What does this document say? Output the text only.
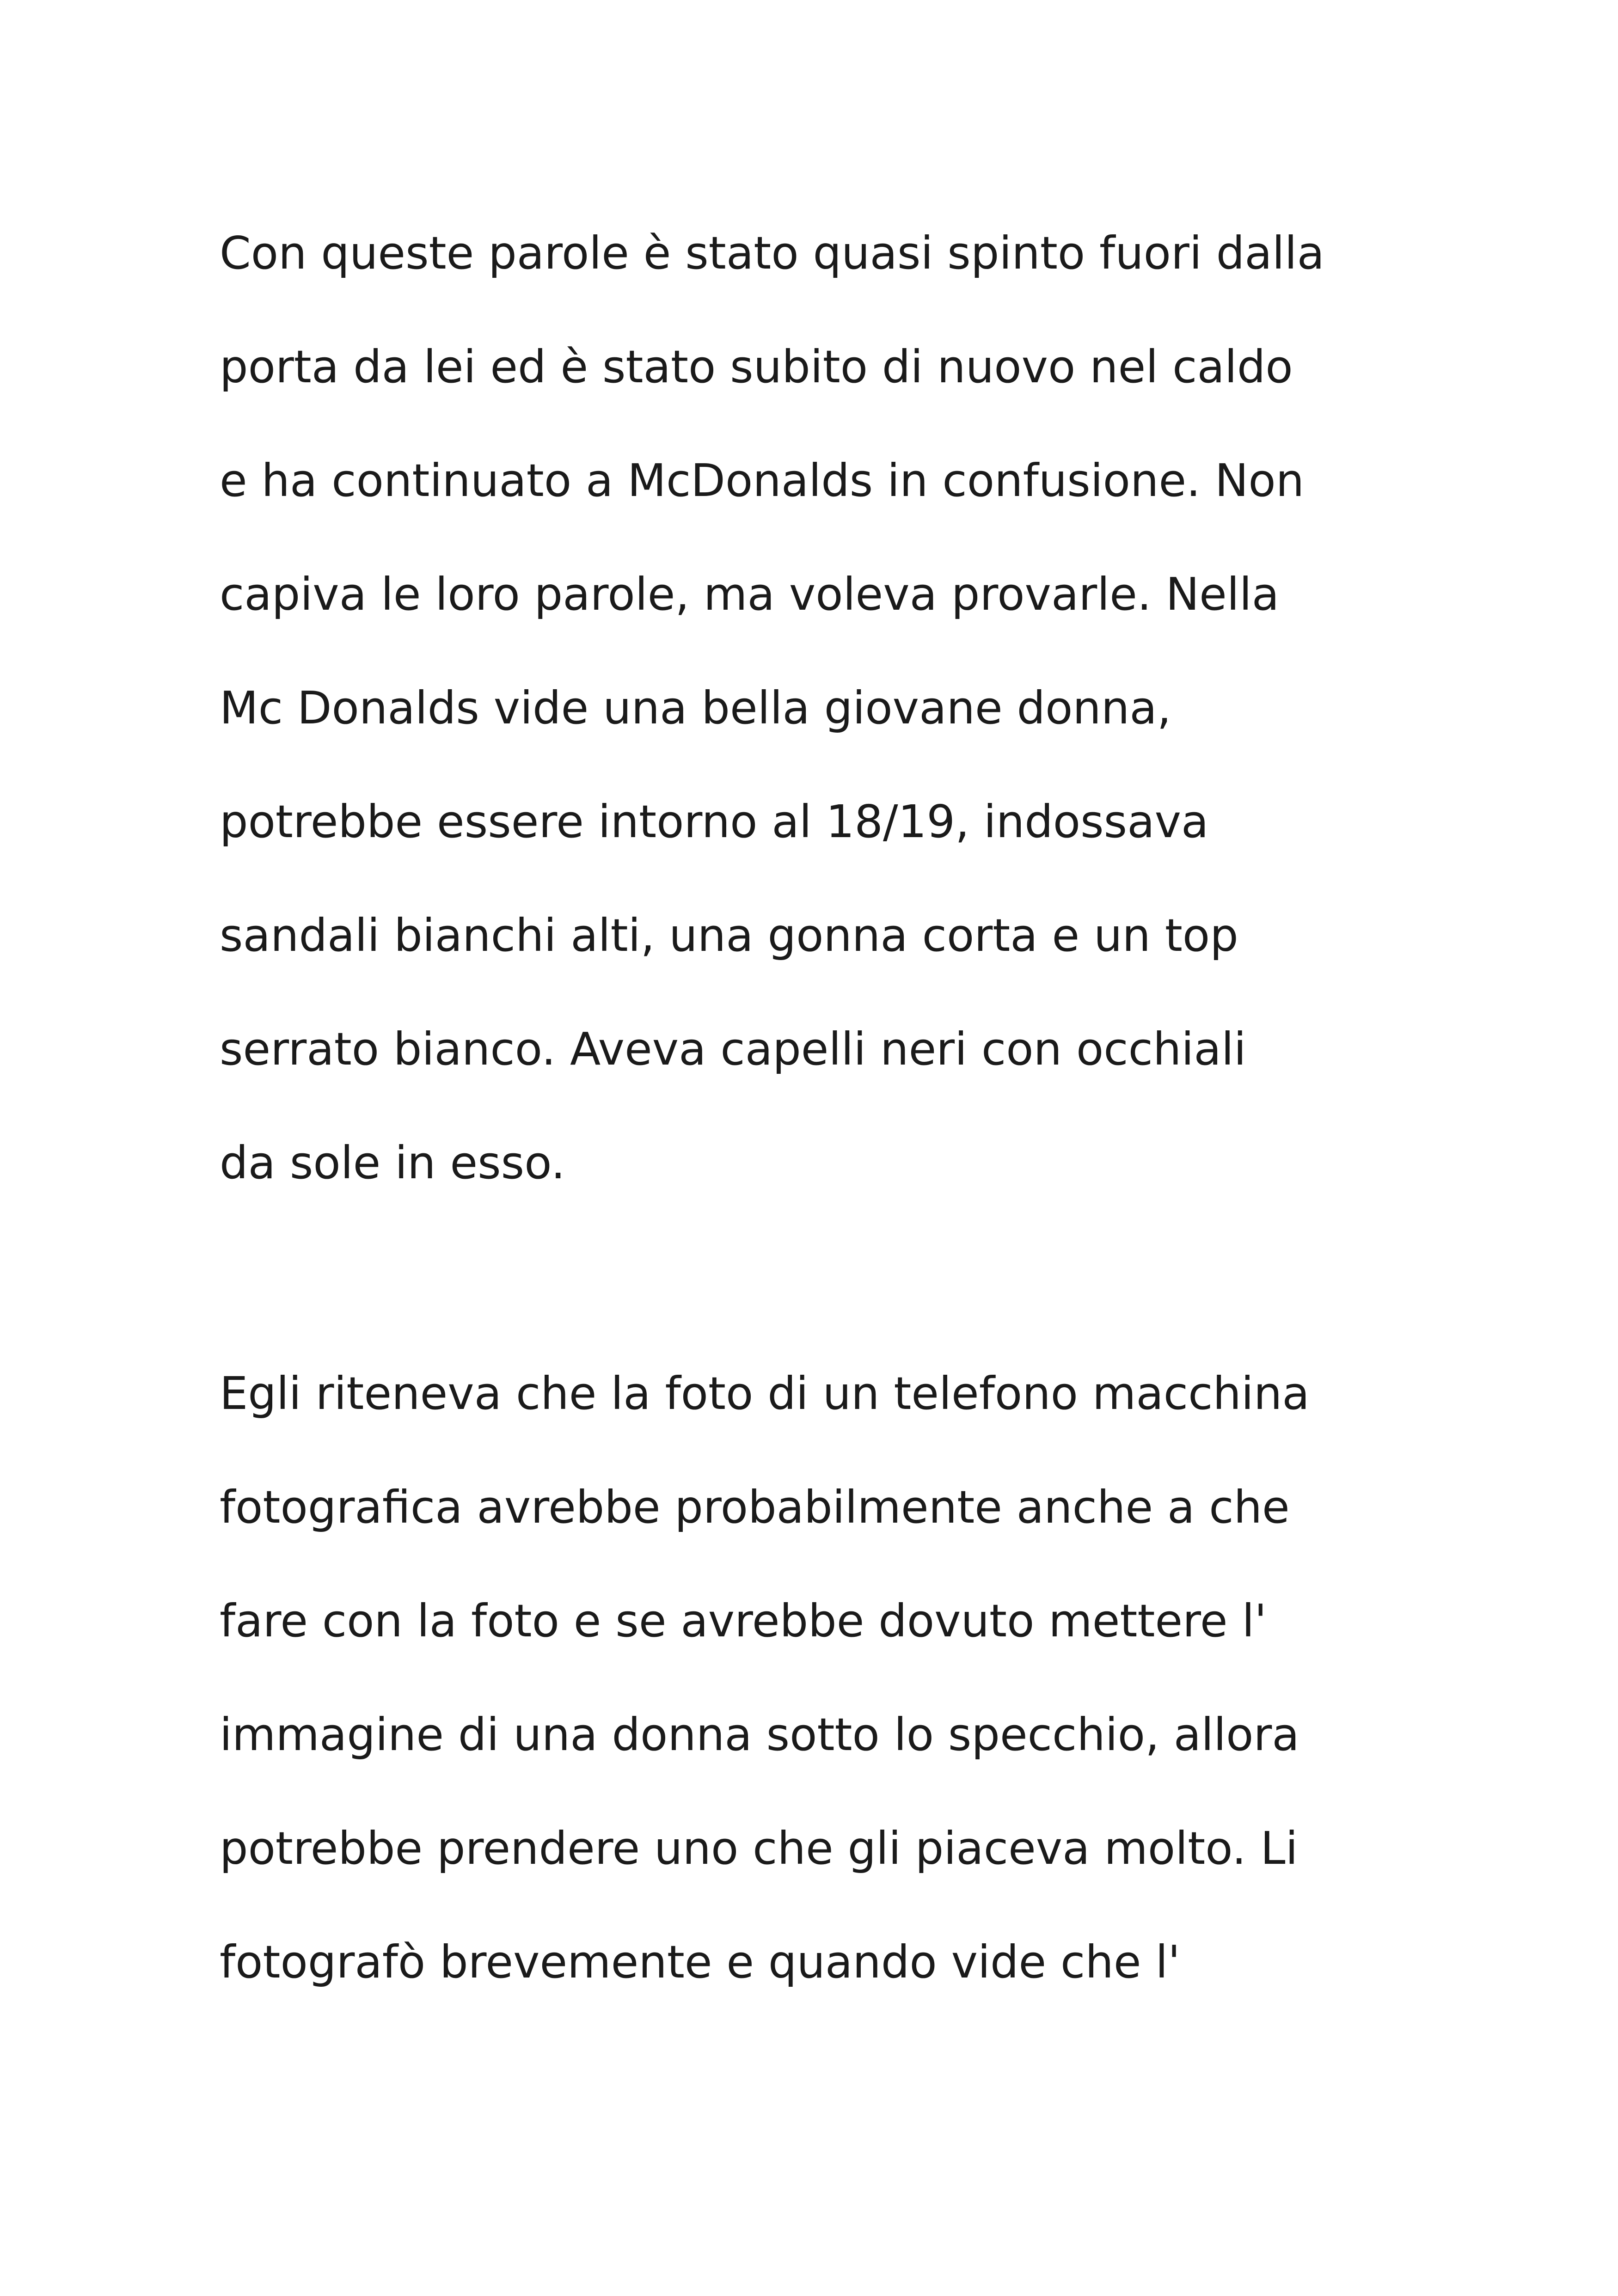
Con queste parole è stato quasi spinto fuori dalla
porta da lei ed è stato subito di nuovo nel caldo
e ha continuato a McDonalds in confusione. Non
capiva le loro parole, ma voleva provarle. Nella
Mc Donalds vide una bella giovane donna,
potrebbe essere intorno al 18/19, indossava
sandali bianchi alti, una gonna corta e un top
serrato bianco. Aveva capelli neri con occhiali
da sole in esso.
Egli riteneva che la foto di un telefono macchina
fotografica avrebbe probabilmente anche a che
fare con la foto e se avrebbe dovuto mettere l'
immagine di una donna sotto lo specchio, allora
potrebbe prendere uno che gli piaceva molto. Li
fotografò brevemente e quando vide che l'
